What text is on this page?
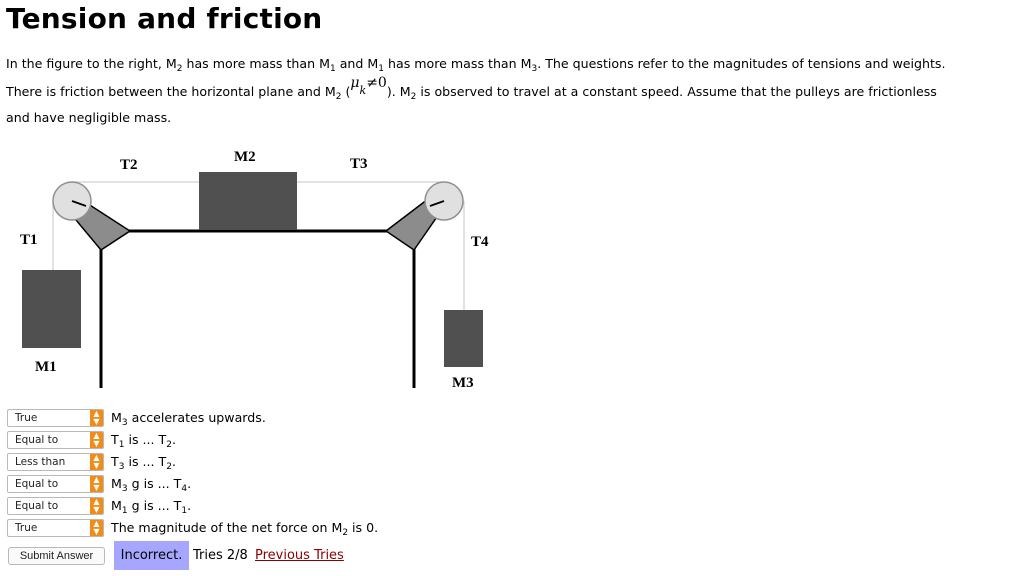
Tension and friction
In the figure to the right, $M_2$ has more mass than $M_1$ and $M_1$ has more mass than $M_3$. The questions refer to the magnitudes of tensions and weights.
There is friction between the horizontal plane and $M_2$ $(\mu_k\ne 0)$. $M_2$ is observed to travel at a constant speed. Assume that the pulleys are frictionless
and have negligible mass.
M2
T2	T3
T1	T4
M1
M3
True	▲
▼ $M_3$ accelerates upwards.
Equal to	▲
▼ $T_1$ is ... $T_2$.
Less than	▲
▼ $T_3$ is ... $T_2$.
Equal to	▲
▼ $M_3$ g is ... $T_4$.
Equal to	▲
▼ $M_1$ g is ... $T_1$.
True	▲
▼ The magnitude of the net force on $M_2$ is 0.
Submit Answer	Incorrect. Tries 2/8 Previous Tries
